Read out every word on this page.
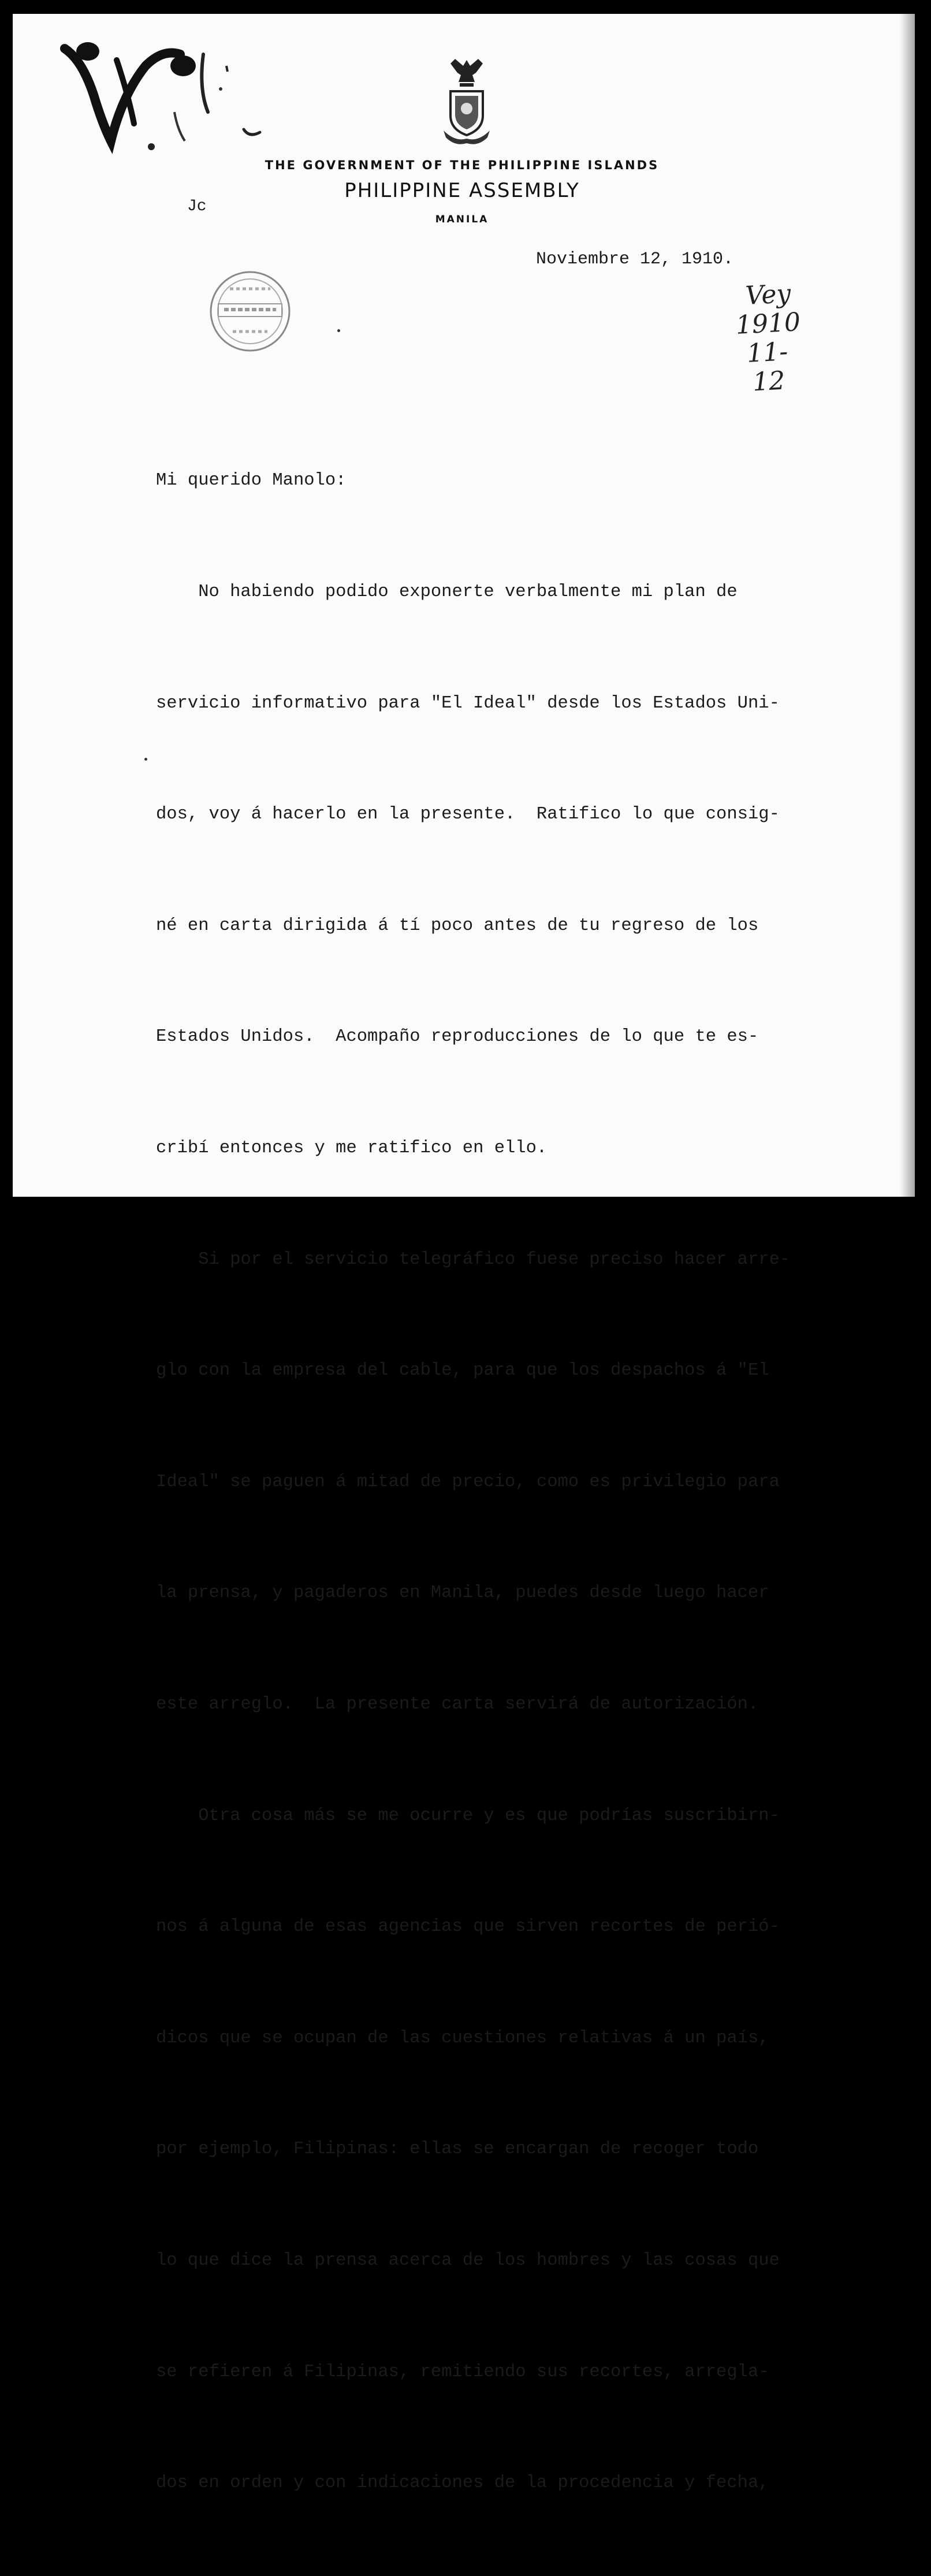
THE GOVERNMENT OF THE PHILIPPINE ISLANDS
PHILIPPINE ASSEMBLY
MANILA
Jc
Noviembre 12, 1910.
Vey
1910
11-12

Mi querido Manolo:

No habiendo podido exponerte verbalmente mi plan de

servicio informativo para "El Ideal" desde los Estados Uni-

dos, voy á hacerlo en la presente.  Ratifico lo que consig-

né en carta dirigida á tí poco antes de tu regreso de los

Estados Unidos.  Acompaño reproducciones de lo que te es-

cribí entonces y me ratifico en ello.

Si por el servicio telegráfico fuese preciso hacer arre-

glo con la empresa del cable, para que los despachos á "El

Ideal" se paguen á mitad de precio, como es privilegio para

la prensa, y pagaderos en Manila, puedes desde luego hacer

este arreglo.  La presente carta servirá de autorización.

Otra cosa más se me ocurre y es que podrías suscribirn-

nos á alguna de esas agencias que sirven recortes de perió-

dicos que se ocupan de las cuestiones relativas á un país,

por ejemplo, Filipinas: ellas se encargan de recoger todo

lo que dice la prensa acerca de los hombres y las cosas que

se refieren á Filipinas, remitiendo sus recortes, arregla-

dos en orden y con indicaciones de la procedencia y fecha,
